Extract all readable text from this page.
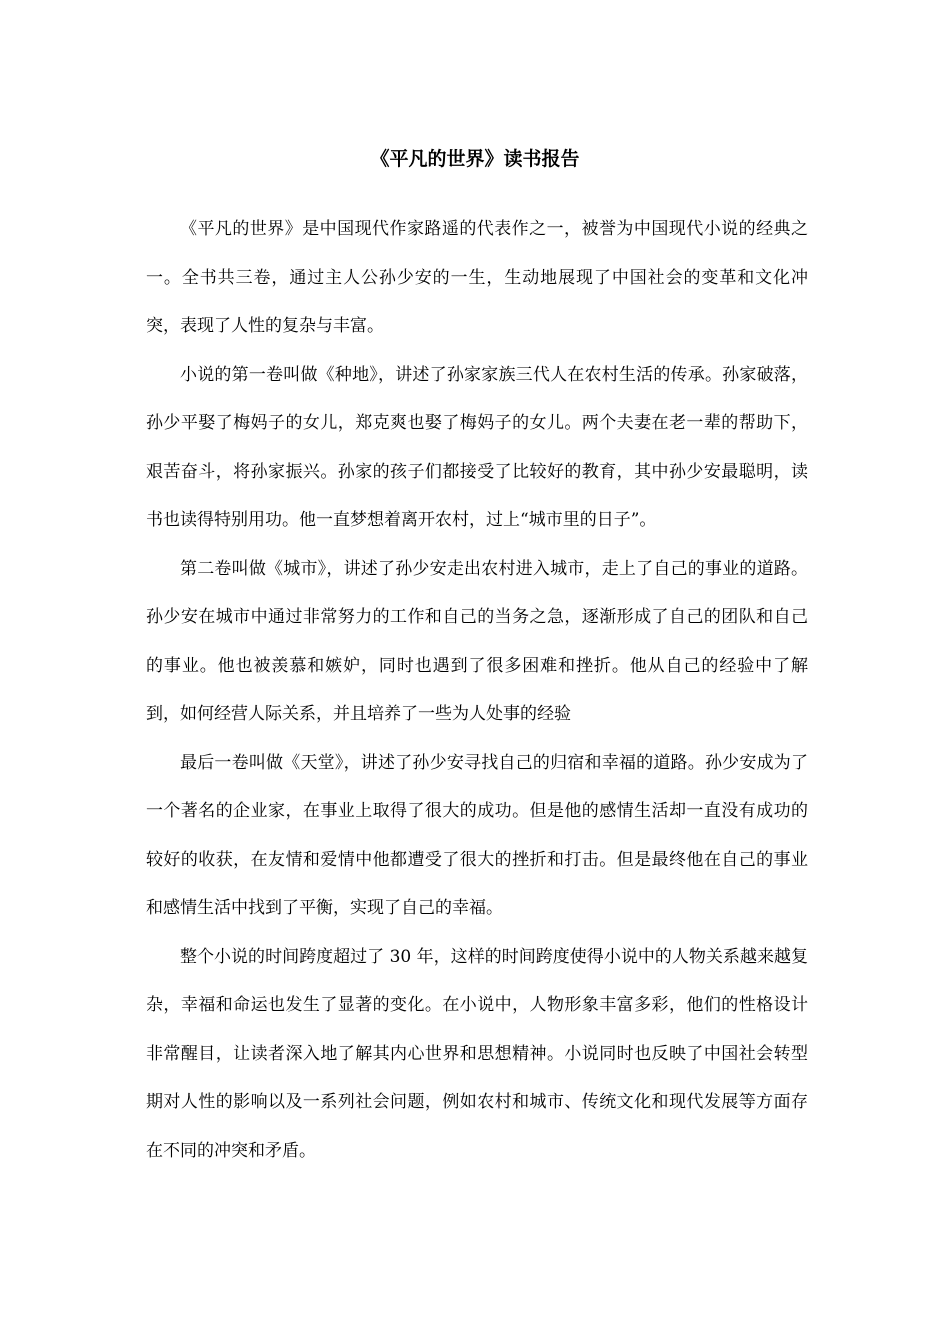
《平凡的世界》读书报告

《平凡的世界》是中国现代作家路遥的代表作之一，被誉为中国现代小说的经典之一。全书共三卷，通过主人公孙少安的一生，生动地展现了中国社会的变革和文化冲突，表现了人性的复杂与丰富。

小说的第一卷叫做《种地》，讲述了孙家家族三代人在农村生活的传承。孙家破落，孙少平娶了梅妈子的女儿，郑克爽也娶了梅妈子的女儿。两个夫妻在老一辈的帮助下，艰苦奋斗，将孙家振兴。孙家的孩子们都接受了比较好的教育，其中孙少安最聪明，读书也读得特别用功。他一直梦想着离开农村，过上“城市里的日子”。

第二卷叫做《城市》，讲述了孙少安走出农村进入城市，走上了自己的事业的道路。孙少安在城市中通过非常努力的工作和自己的当务之急，逐渐形成了自己的团队和自己的事业。他也被羡慕和嫉妒，同时也遇到了很多困难和挫折。他从自己的经验中了解到，如何经营人际关系，并且培养了一些为人处事的经验

最后一卷叫做《天堂》，讲述了孙少安寻找自己的归宿和幸福的道路。孙少安成为了一个著名的企业家，在事业上取得了很大的成功。但是他的感情生活却一直没有成功的较好的收获，在友情和爱情中他都遭受了很大的挫折和打击。但是最终他在自己的事业和感情生活中找到了平衡，实现了自己的幸福。

整个小说的时间跨度超过了 30 年，这样的时间跨度使得小说中的人物关系越来越复杂，幸福和命运也发生了显著的变化。在小说中，人物形象丰富多彩，他们的性格设计非常醒目，让读者深入地了解其内心世界和思想精神。小说同时也反映了中国社会转型期对人性的影响以及一系列社会问题，例如农村和城市、传统文化和现代发展等方面存在不同的冲突和矛盾。
